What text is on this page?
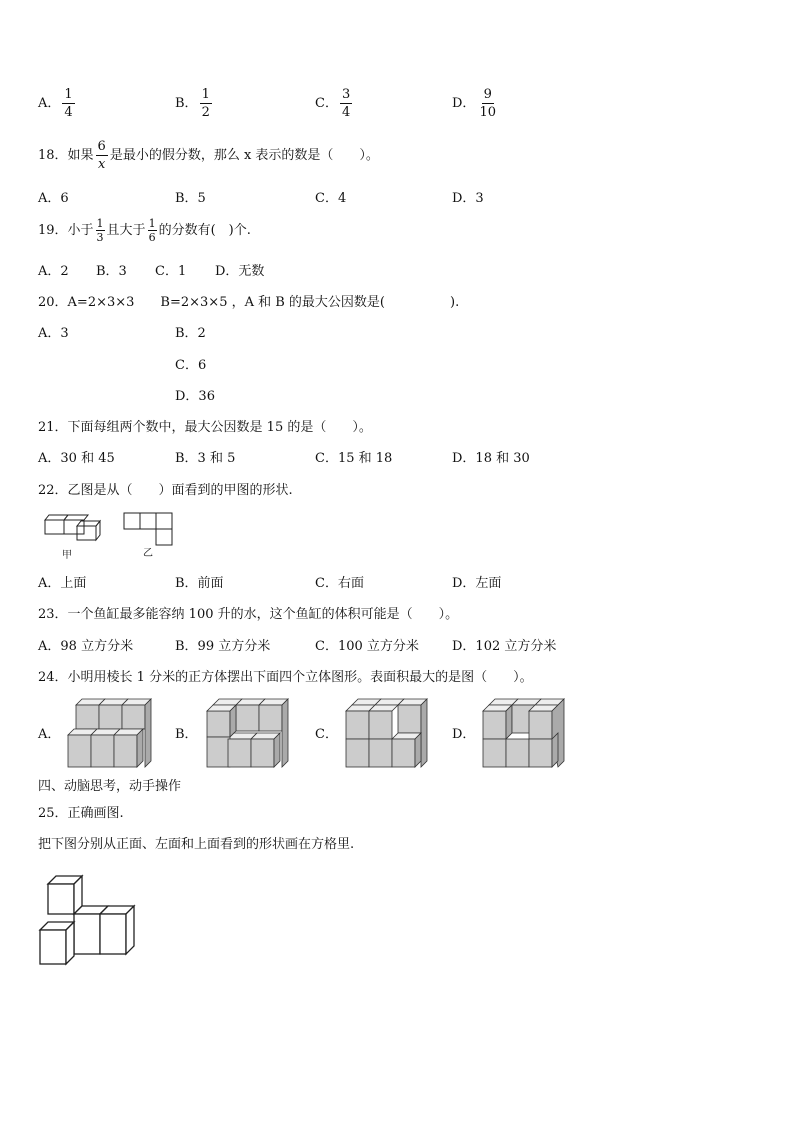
A． $\frac{1}{4}$	B． $\frac{1}{2}$	C． $\frac{3}{4}$	D． $\frac{9}{10}$
18．如果 $\frac{6}{x}$ 是最小的假分数，那么 x 表示的数是（　　）。
A．6	B．5	C．4	D．3
19．小于 $\frac{1}{3}$ 且大于 $\frac{1}{6}$ 的分数有(　)个.
A．2 B．3 C．1 D．无数
20．A=2×3×3　　B=2×3×5 ，A 和 B 的最大公因数是(　　　　　).
A．3	B．2
C．6
D．36
21．下面每组两个数中，最大公因数是 15 的是（　　）。
A．30 和 45	B．3 和 5	C．15 和 18	D．18 和 30
22．乙图是从（　　）面看到的甲图的形状.
甲	乙
A．上面	B．前面	C．右面	D．左面
23．一个鱼缸最多能容纳 100 升的水，这个鱼缸的体积可能是（　　）。
A．98 立方分米	B．99 立方分米	C．100 立方分米	D．102 立方分米
24．小明用棱长 1 分米的正方体摆出下面四个立体图形。表面积最大的是图（　　）。
A．	B．	C．	D．
四、动脑思考，动手操作
25．正确画图.
把下图分别从正面、左面和上面看到的形状画在方格里.
